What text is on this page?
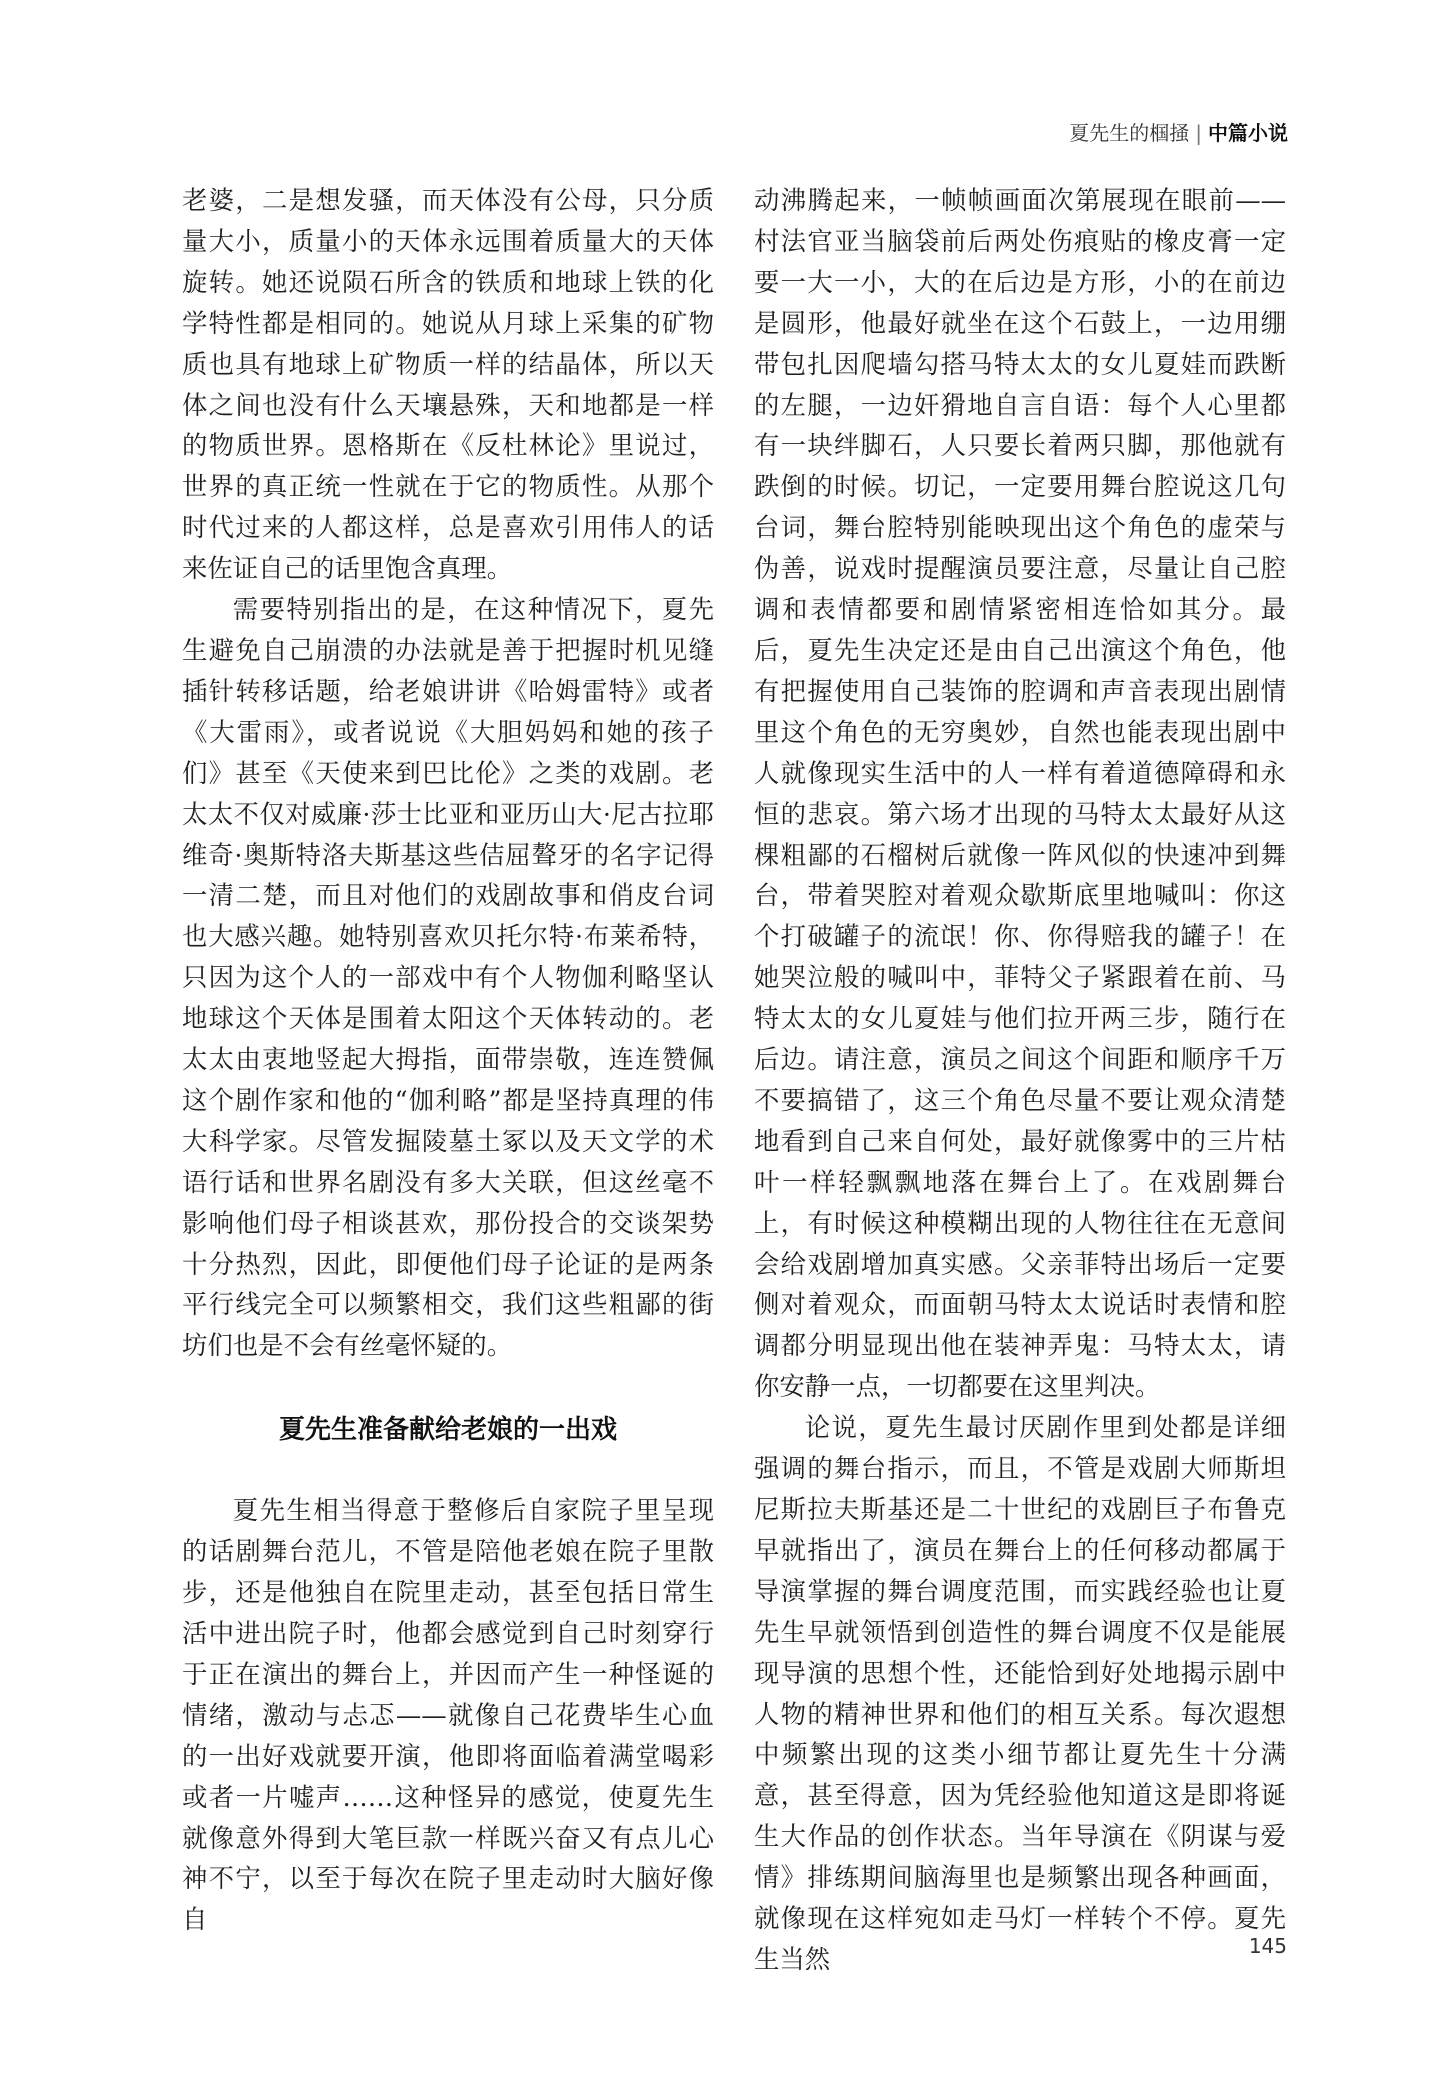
夏先生的椢掻 | 中篇小说

老婆，二是想发骚，而天体没有公母，只分质量大小，质量小的天体永远围着质量大的天体旋转。她还说陨石所含的铁质和地球上铁的化学特性都是相同的。她说从月球上采集的矿物质也具有地球上矿物质一样的结晶体，所以天体之间也没有什么天壤悬殊，天和地都是一样的物质世界。恩格斯在《反杜林论》里说过，世界的真正统一性就在于它的物质性。从那个时代过来的人都这样，总是喜欢引用伟人的话来佐证自己的话里饱含真理。

需要特别指出的是，在这种情况下，夏先生避免自己崩溃的办法就是善于把握时机见缝插针转移话题，给老娘讲讲《哈姆雷特》或者《大雷雨》，或者说说《大胆妈妈和她的孩子们》甚至《天使来到巴比伦》之类的戏剧。老太太不仅对威廉·莎士比亚和亚历山大·尼古拉耶维奇·奥斯特洛夫斯基这些佶屈聱牙的名字记得一清二楚，而且对他们的戏剧故事和俏皮台词也大感兴趣。她特别喜欢贝托尔特·布莱希特，只因为这个人的一部戏中有个人物伽利略坚认地球这个天体是围着太阳这个天体转动的。老太太由衷地竖起大拇指，面带崇敬，连连赞佩这个剧作家和他的“伽利略”都是坚持真理的伟大科学家。尽管发掘陵墓土冢以及天文学的术语行话和世界名剧没有多大关联，但这丝毫不影响他们母子相谈甚欢，那份投合的交谈架势十分热烈，因此，即便他们母子论证的是两条平行线完全可以频繁相交，我们这些粗鄙的街坊们也是不会有丝毫怀疑的。

夏先生准备献给老娘的一出戏

夏先生相当得意于整修后自家院子里呈现的话剧舞台范儿，不管是陪他老娘在院子里散步，还是他独自在院里走动，甚至包括日常生活中进出院子时，他都会感觉到自己时刻穿行于正在演出的舞台上，并因而产生一种怪诞的情绪，激动与忐忑——就像自己花费毕生心血的一出好戏就要开演，他即将面临着满堂喝彩或者一片嘘声……这种怪异的感觉，使夏先生就像意外得到大笔巨款一样既兴奋又有点儿心神不宁，以至于每次在院子里走动时大脑好像自

动沸腾起来，一帧帧画面次第展现在眼前——村法官亚当脑袋前后两处伤痕贴的橡皮膏一定要一大一小，大的在后边是方形，小的在前边是圆形，他最好就坐在这个石鼓上，一边用绷带包扎因爬墙勾搭马特太太的女儿夏娃而跌断的左腿，一边奸猾地自言自语：每个人心里都有一块绊脚石，人只要长着两只脚，那他就有跌倒的时候。切记，一定要用舞台腔说这几句台词，舞台腔特别能映现出这个角色的虚荣与伪善，说戏时提醒演员要注意，尽量让自己腔调和表情都要和剧情紧密相连恰如其分。最后，夏先生决定还是由自己出演这个角色，他有把握使用自己装饰的腔调和声音表现出剧情里这个角色的无穷奥妙，自然也能表现出剧中人就像现实生活中的人一样有着道德障碍和永恒的悲哀。第六场才出现的马特太太最好从这棵粗鄙的石榴树后就像一阵风似的快速冲到舞台，带着哭腔对着观众歇斯底里地喊叫：你这个打破罐子的流氓！你、你得赔我的罐子！在她哭泣般的喊叫中，菲特父子紧跟着在前、马特太太的女儿夏娃与他们拉开两三步，随行在后边。请注意，演员之间这个间距和顺序千万不要搞错了，这三个角色尽量不要让观众清楚地看到自己来自何处，最好就像雾中的三片枯叶一样轻飘飘地落在舞台上了。在戏剧舞台上，有时候这种模糊出现的人物往往在无意间会给戏剧增加真实感。父亲菲特出场后一定要侧对着观众，而面朝马特太太说话时表情和腔调都分明显现出他在装神弄鬼：马特太太，请你安静一点，一切都要在这里判决。

论说，夏先生最讨厌剧作里到处都是详细强调的舞台指示，而且，不管是戏剧大师斯坦尼斯拉夫斯基还是二十世纪的戏剧巨子布鲁克早就指出了，演员在舞台上的任何移动都属于导演掌握的舞台调度范围，而实践经验也让夏先生早就领悟到创造性的舞台调度不仅是能展现导演的思想个性，还能恰到好处地揭示剧中人物的精神世界和他们的相互关系。每次遐想中频繁出现的这类小细节都让夏先生十分满意，甚至得意，因为凭经验他知道这是即将诞生大作品的创作状态。当年导演在《阴谋与爱情》排练期间脑海里也是频繁出现各种画面，就像现在这样宛如走马灯一样转个不停。夏先生当然	145
